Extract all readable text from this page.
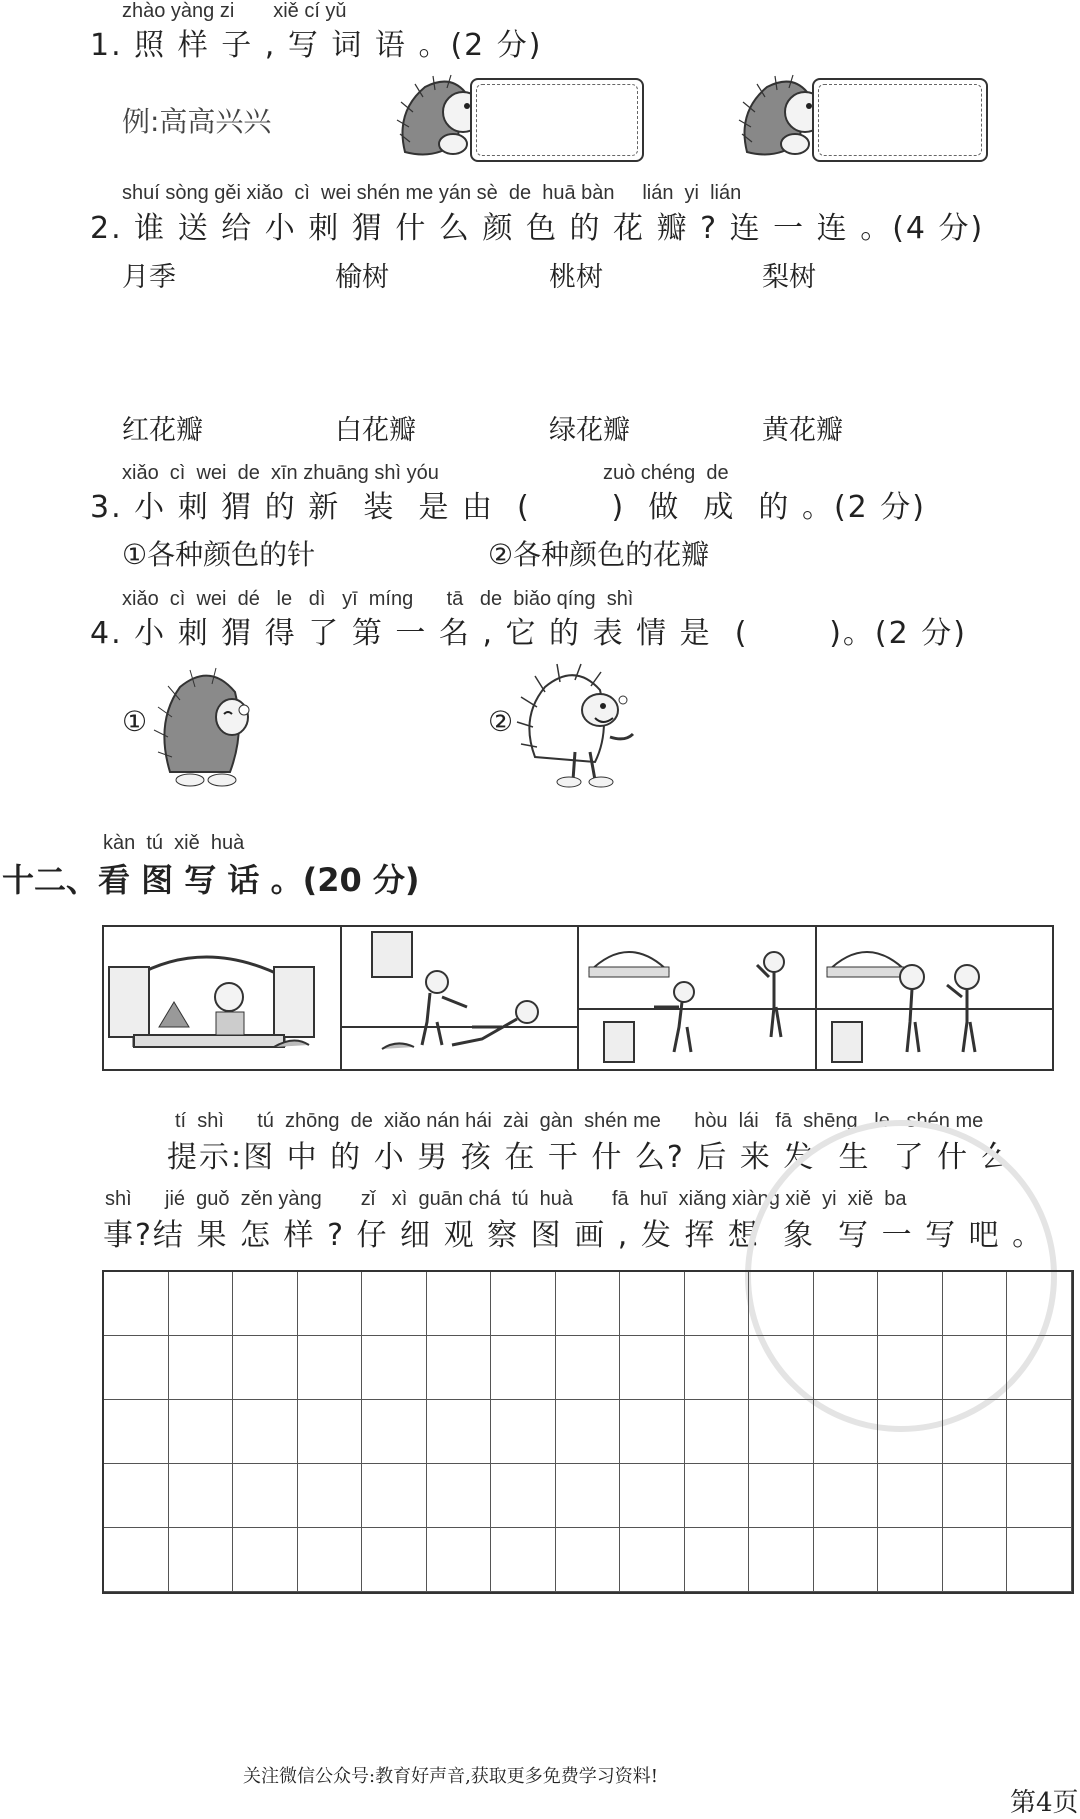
zhào yàng zi       xiě cí yǔ
1. 照 样 子 , 写 词 语 。(2 分)
例:高高兴兴
shuí sòng gěi xiǎo  cì  wei shén me yán sè  de  huā bàn     lián  yi  lián
2. 谁 送 给 小 刺 猬 什 么 颜 色 的 花 瓣 ? 连 一 连 。(4 分)
月季	榆树	桃树	梨树
红花瓣	白花瓣	绿花瓣	黄花瓣
xiǎo  cì  wei  de  xīn zhuāng shì yóu	zuò chéng  de
3. 小 刺 猬 的 新  装  是 由  (       )  做  成  的 。(2 分)
①各种颜色的针	②各种颜色的花瓣
xiǎo  cì  wei  dé   le   dì   yī  míng      tā   de  biǎo qíng  shì
4. 小 刺 猬 得 了 第 一 名 , 它 的 表 情 是  (       )。(2 分)
①	②
kàn  tú  xiě  huà
十二、看 图 写 话 。(20 分)
tí  shì      tú  zhōng  de  xiǎo nán hái  zài  gàn  shén me      hòu  lái   fā  shēng   le   shén me
提示:图 中 的 小 男 孩 在 干 什 么? 后 来 发  生  了 什 么
shì      jié  guǒ  zěn yàng       zǐ   xì  guān chá  tú  huà       fā  huī  xiǎng xiàng xiě  yi  xiě  ba
事?结 果 怎 样 ? 仔 细 观 察 图 画 , 发 挥 想  象  写 一 写 吧 。
关注微信公众号:教育好声音,获取更多免费学习资料!
第4页
